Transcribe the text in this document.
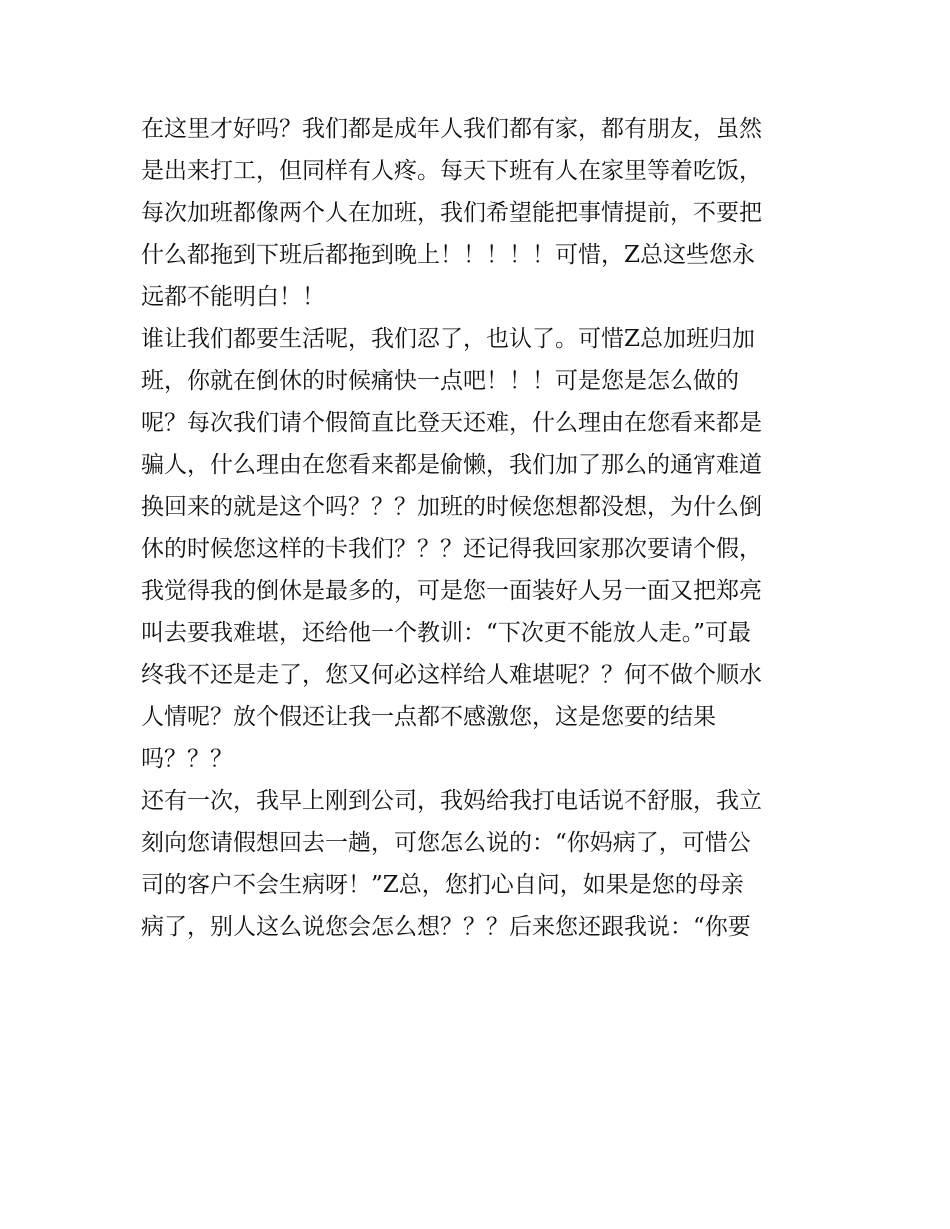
在这里才好吗？我们都是成年人我们都有家，都有朋友，虽然
是出来打工，但同样有人疼。每天下班有人在家里等着吃饭，
每次加班都像两个人在加班，我们希望能把事情提前，不要把
什么都拖到下班后都拖到晚上！！！！！可惜，Z总这些您永
远都不能明白！！
谁让我们都要生活呢，我们忍了，也认了。可惜Z总加班归加
班，你就在倒休的时候痛快一点吧！！！可是您是怎么做的
呢？每次我们请个假简直比登天还难，什么理由在您看来都是
骗人，什么理由在您看来都是偷懒，我们加了那么的通宵难道
换回来的就是这个吗？？？加班的时候您想都没想，为什么倒
休的时候您这样的卡我们？？？还记得我回家那次要请个假，
我觉得我的倒休是最多的，可是您一面装好人另一面又把郑亮
叫去要我难堪，还给他一个教训：“下次更不能放人走。”可最
终我不还是走了，您又何必这样给人难堪呢？？何不做个顺水
人情呢？放个假还让我一点都不感激您，这是您要的结果
吗？？？
还有一次，我早上刚到公司，我妈给我打电话说不舒服，我立
刻向您请假想回去一趟，可您怎么说的：“你妈病了，可惜公
司的客户不会生病呀！”Z总，您扪心自问，如果是您的母亲
病了，别人这么说您会怎么想？？？后来您还跟我说：“你要
